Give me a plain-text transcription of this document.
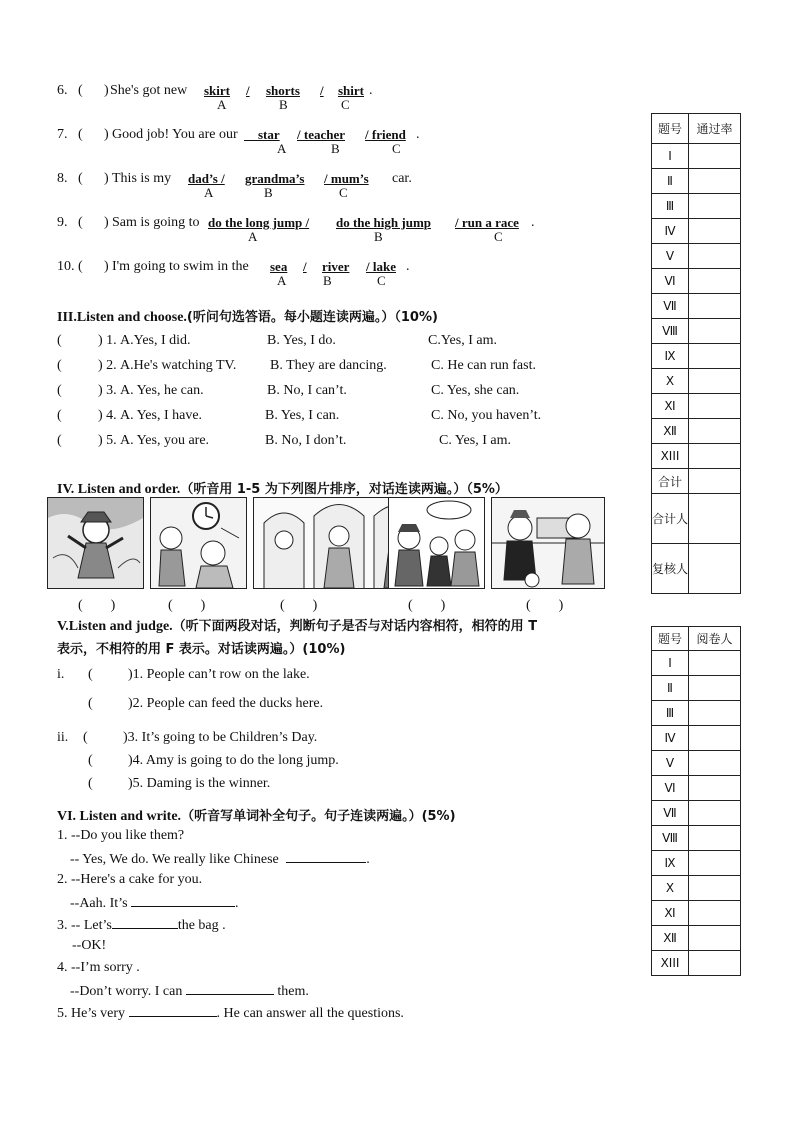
6. ( ) She's got new skirt / shorts / shirt .
A	B	C
7. ( ) Good job! You are our star / teacher / friend .
A	B	C
8. ( ) This is my dad’s / grandma’s / mum’s car.
A	B	C
9. ( ) Sam is going to do the long jump / do the high jump / run a race .
A	B	C
10. ( ) I'm going to swim in the sea / river / lake .
A	B	C
III.Listen and choose.(听问句选答语。每小题连读两遍。）（10%)
(	) 1. A.Yes, I did.	B. Yes, I do.	C.Yes, I am.
(	) 2. A.He's watching TV. B. They are dancing.	C. He can run fast.
(	) 3. A. Yes, he can.	B. No, I can’t.	C. Yes, she can.
(	) 4. A. Yes, I have.	B. Yes, I can.	C. No, you haven’t.
(	) 5. A. Yes, you are.	B. No, I don’t.	C. Yes, I am.
IV. Listen and order.（听音用 1-5 为下列图片排序，对话连读两遍。）（5%）
(　　)	(　　)	(　　)	(　　)	(　　)
V.Listen and judge.（听下面两段对话，判断句子是否与对话内容相符，相符的用 T
表示，不相符的用 F 表示。对话读两遍。）(10%)
i. (	)1. People can’t row on the lake.
(	)2. People can feed the ducks here.
ii. (	)3. It’s going to be Children’s Day.
(	)4. Amy is going to do the long jump.
(	)5. Daming is the winner.
VI. Listen and write.（听音写单词补全句子。句子连读两遍。）(5%)
1. --Do you like them?
-- Yes, We do. We really like Chinese	.
2. --Here's a cake for you.
--Aah. It’s	.
3. -- Let’s	the bag .
--OK!
4. --I’m sorry .
--Don’t worry. I can	them.
5. He’s very	. He can answer all the questions.
题号	通过率
Ⅰ	
Ⅱ	
Ⅲ	
Ⅳ	
Ⅴ	
Ⅵ	
Ⅶ	
Ⅷ	
Ⅸ	
Ⅹ	
Ⅺ	
Ⅻ	
XIII	
合计	
合计人	
复核人	
题号	阅卷人
Ⅰ	
Ⅱ	
Ⅲ	
Ⅳ	
Ⅴ	
Ⅵ	
Ⅶ	
Ⅷ	
Ⅸ	
Ⅹ	
Ⅺ	
Ⅻ	
XIII	
